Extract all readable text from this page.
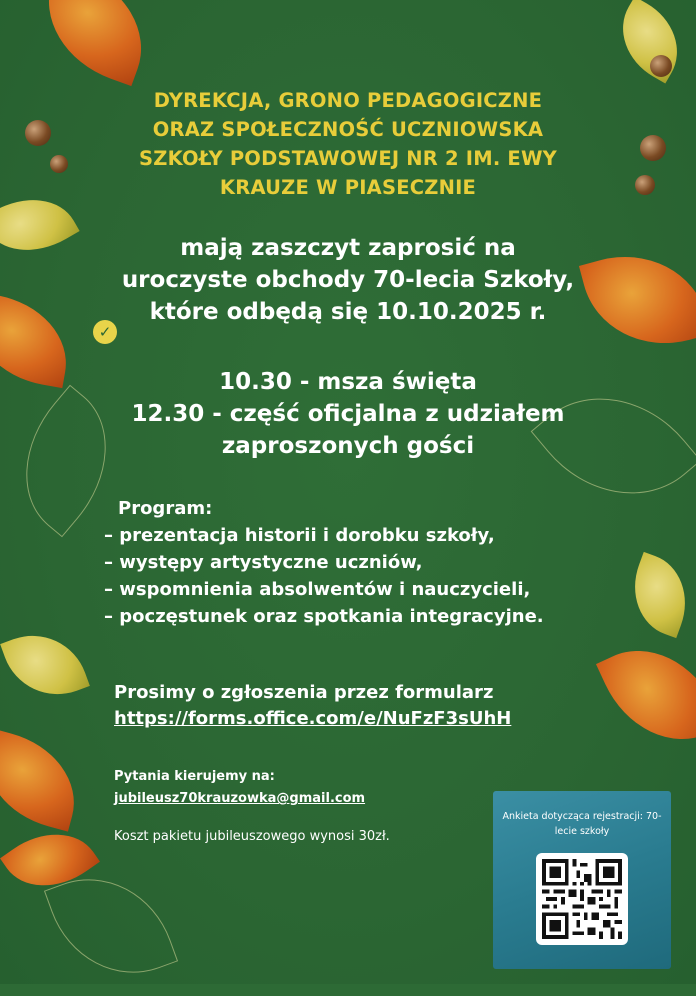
DYREKCJA, GRONO PEDAGOGICZNE
ORAZ SPOŁECZNOŚĆ UCZNIOWSKA
SZKOŁY PODSTAWOWEJ NR 2 IM. EWY
KRAUZE W PIASECZNIE
mają zaszczyt zaprosić na
uroczyste obchody 70-lecia Szkoły,
które odbędą się 10.10.2025 r.
✓
10.30 - msza święta
12.30 - część oficjalna z udziałem
zaproszonych gości
Program:
– prezentacja historii i dorobku szkoły,
– występy artystyczne uczniów,
– wspomnienia absolwentów i nauczycieli,
– poczęstunek oraz spotkania integracyjne.
Prosimy o zgłoszenia przez formularz
https://forms.office.com/e/NuFzF3sUhH
Pytania kierujemy na:
jubileusz70krauzowka@gmail.com
Koszt pakietu jubileuszowego wynosi 30zł.
Ankieta dotycząca rejestracji: 70-lecie szkoły
